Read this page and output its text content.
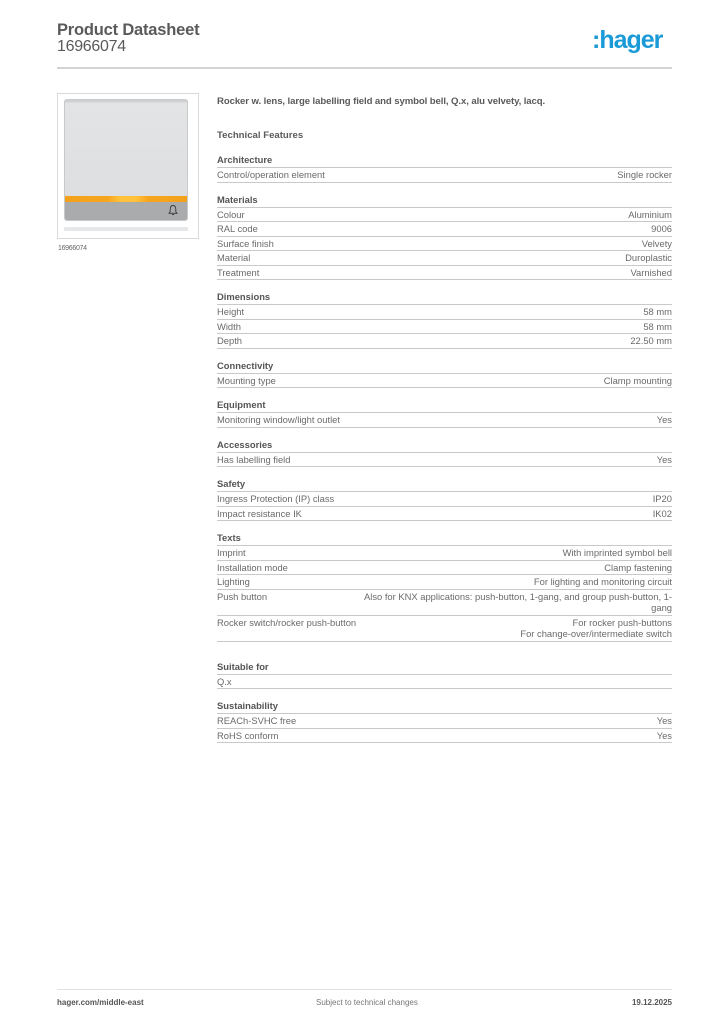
Product Datasheet
16966074	:hager
16966074
Rocker w. lens, large labelling field and symbol bell, Q.x, alu velvety, lacq.
Technical Features
Architecture
Control/operation element	Single rocker
Materials
Colour	Aluminium
RAL code	9006
Surface finish	Velvety
Material	Duroplastic
Treatment	Varnished
Dimensions
Height	58 mm
Width	58 mm
Depth	22.50 mm
Connectivity
Mounting type	Clamp mounting
Equipment
Monitoring window/light outlet	Yes
Accessories
Has labelling field	Yes
Safety
Ingress Protection (IP) class	IP20
Impact resistance IK	IK02
Texts
Imprint	With imprinted symbol bell
Installation mode	Clamp fastening
Lighting	For lighting and monitoring circuit
Push button	Also for KNX applications: push-button, 1-gang, and group push-button, 1-gang
Rocker switch/rocker push-button	For rocker push-buttons
For change-over/intermediate switch
Suitable for
Q.x
Sustainability
REACh-SVHC free	Yes
RoHS conform	Yes
hager.com/middle-east	Subject to technical changes	19.12.2025
